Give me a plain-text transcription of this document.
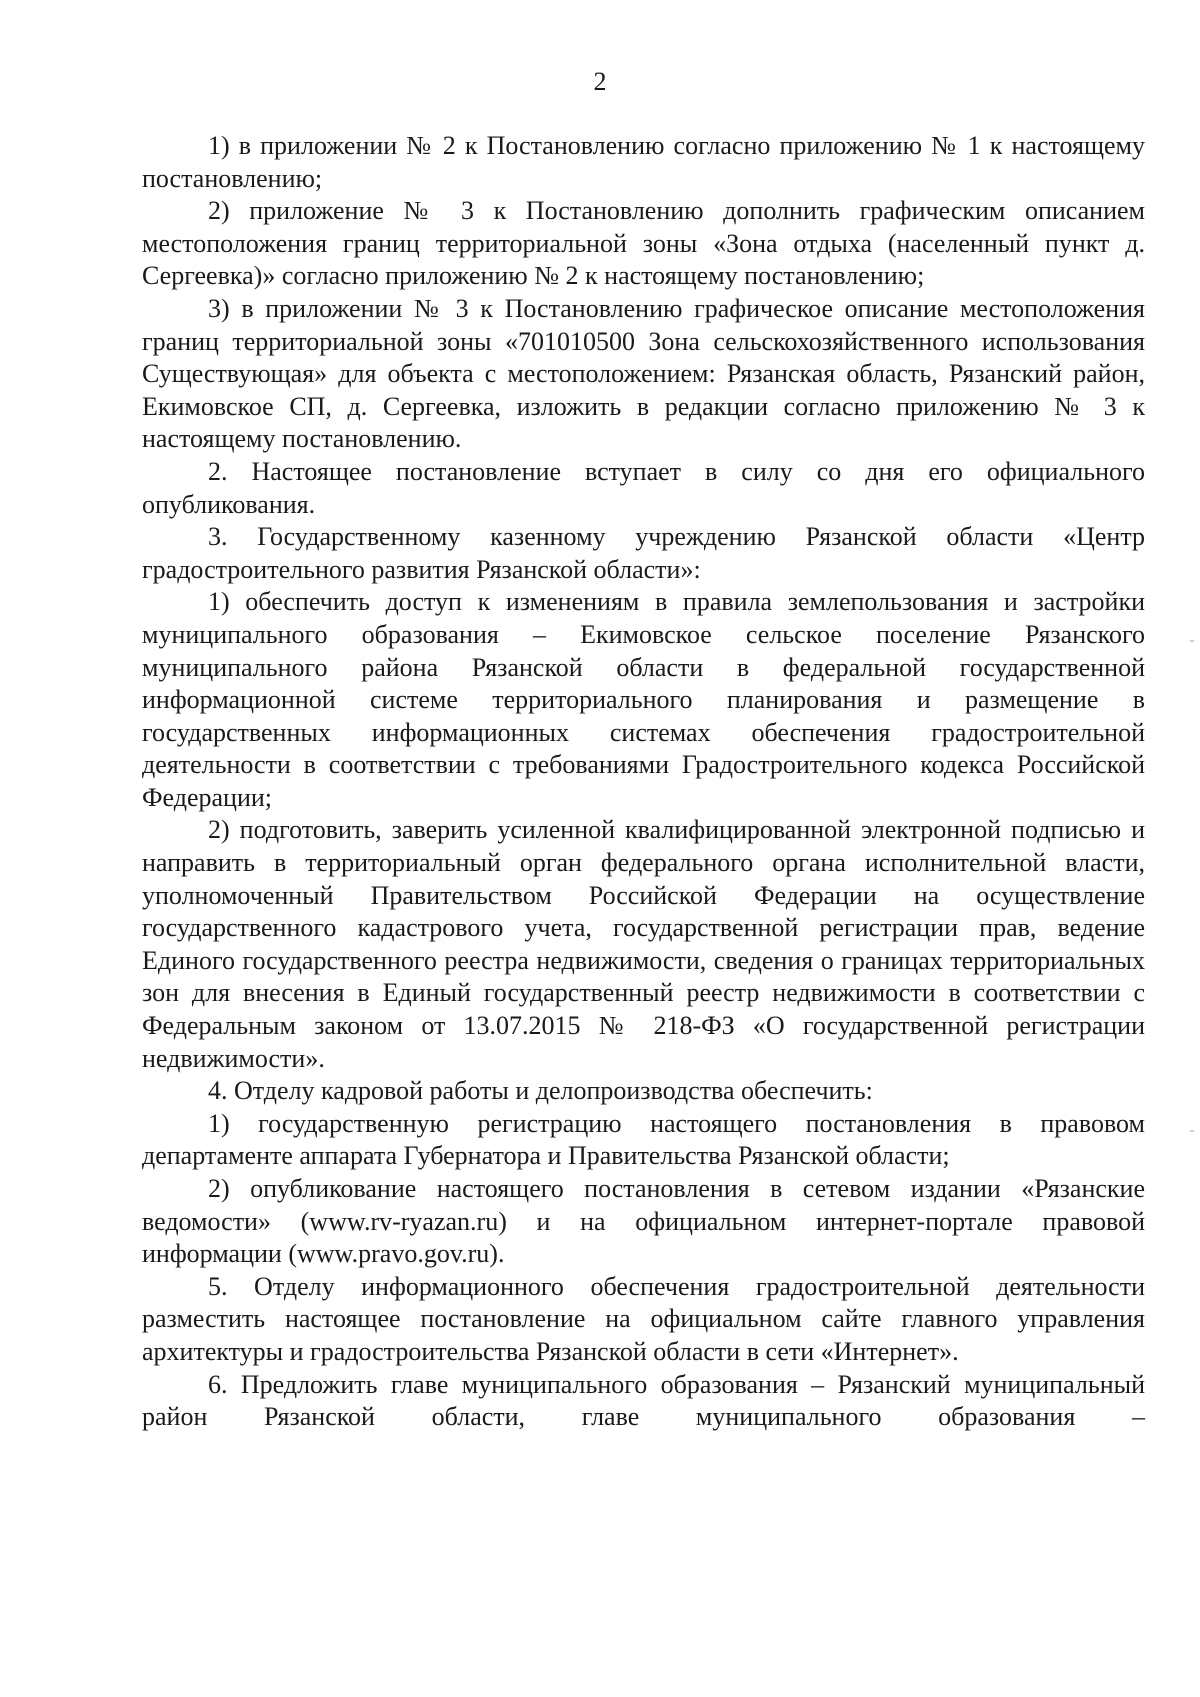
2

1) в приложении № 2 к Постановлению согласно приложению № 1 к настоящему постановлению;

2) приложение № 3 к Постановлению дополнить графическим описанием местоположения границ территориальной зоны «Зона отдыха (населенный пункт д. Сергеевка)» согласно приложению № 2 к настоящему постановлению;

3) в приложении № 3 к Постановлению графическое описание местоположения границ территориальной зоны «701010500 Зона сельскохозяйственного использования Существующая» для объекта с местоположением: Рязанская область, Рязанский район, Екимовское СП, д. Сергеевка, изложить в редакции согласно приложению № 3 к настоящему постановлению.

2. Настоящее постановление вступает в силу со дня его официального опубликования.

3. Государственному казенному учреждению Рязанской области «Центр градостроительного развития Рязанской области»:

1) обеспечить доступ к изменениям в правила землепользования и застройки муниципального образования – Екимовское сельское поселение Рязанского муниципального района Рязанской области в федеральной государственной информационной системе территориального планирования и размещение в государственных информационных системах обеспечения градостроительной деятельности в соответствии с требованиями Градостроительного кодекса Российской Федерации;

2) подготовить, заверить усиленной квалифицированной электронной подписью и направить в территориальный орган федерального органа исполнительной власти, уполномоченный Правительством Российской Федерации на осуществление государственного кадастрового учета, государственной регистрации прав, ведение Единого государственного реестра недвижимости, сведения о границах территориальных зон для внесения в Единый государственный реестр недвижимости в соответствии с Федеральным законом от 13.07.2015 № 218-ФЗ «О государственной регистрации недвижимости».

4. Отделу кадровой работы и делопроизводства обеспечить:

1) государственную регистрацию настоящего постановления в правовом департаменте аппарата Губернатора и Правительства Рязанской области;

2) опубликование настоящего постановления в сетевом издании «Рязанские ведомости» (www.rv-ryazan.ru) и на официальном интернет-портале правовой информации (www.pravo.gov.ru).

5. Отделу информационного обеспечения градостроительной деятельности разместить настоящее постановление на официальном сайте главного управления архитектуры и градостроительства Рязанской области в сети «Интернет».

6. Предложить главе муниципального образования – Рязанский муниципальный район Рязанской области, главе муниципального образования –
